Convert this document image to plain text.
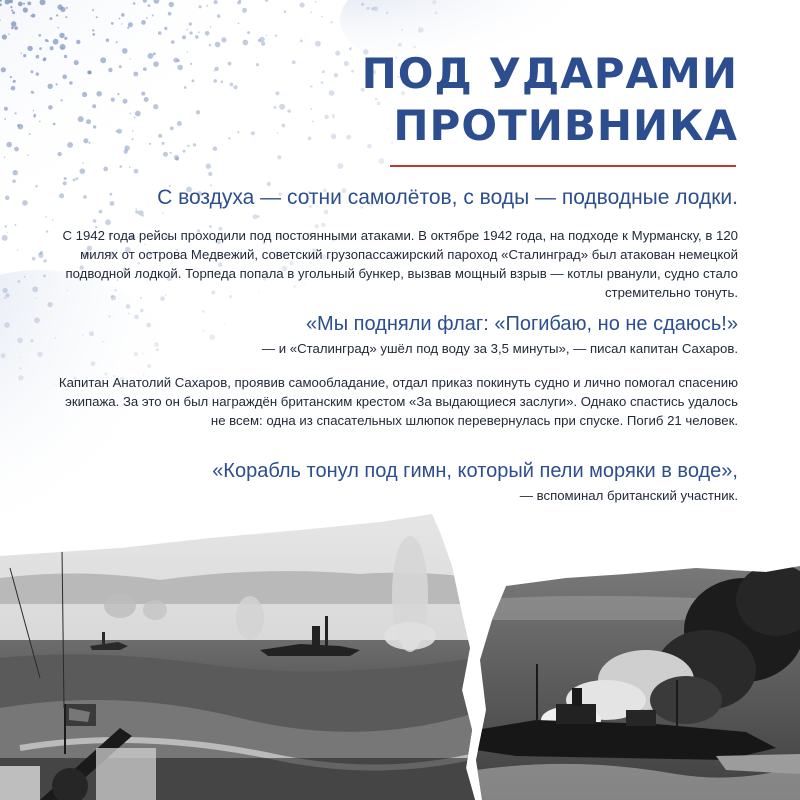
ПОД УДАРАМИ
ПРОТИВНИКА

С воздуха — сотни самолётов, с воды — подводные лодки.

С 1942 года рейсы проходили под постоянными атаками. В октябре 1942 года, на подходе к Мурманску, в 120 милях от острова Медвежий, советский грузопассажирский пароход «Сталинград» был атакован немецкой подводной лодкой. Торпеда попала в угольный бункер, вызвав мощный взрыв — котлы рванули, судно стало стремительно тонуть.

«Мы подняли флаг: «Погибаю, но не сдаюсь!»

— и «Сталинград» ушёл под воду за 3,5 минуты», — писал капитан Сахаров.

Капитан Анатолий Сахаров, проявив самообладание, отдал приказ покинуть судно и лично помогал спасению экипажа. За это он был награждён британским крестом «За выдающиеся заслуги». Однако спастись удалось не всем: одна из спасательных шлюпок перевернулась при спуске. Погиб 21 человек.

«Корабль тонул под гимн, который пели моряки в воде»,

— вспоминал британский участник.
